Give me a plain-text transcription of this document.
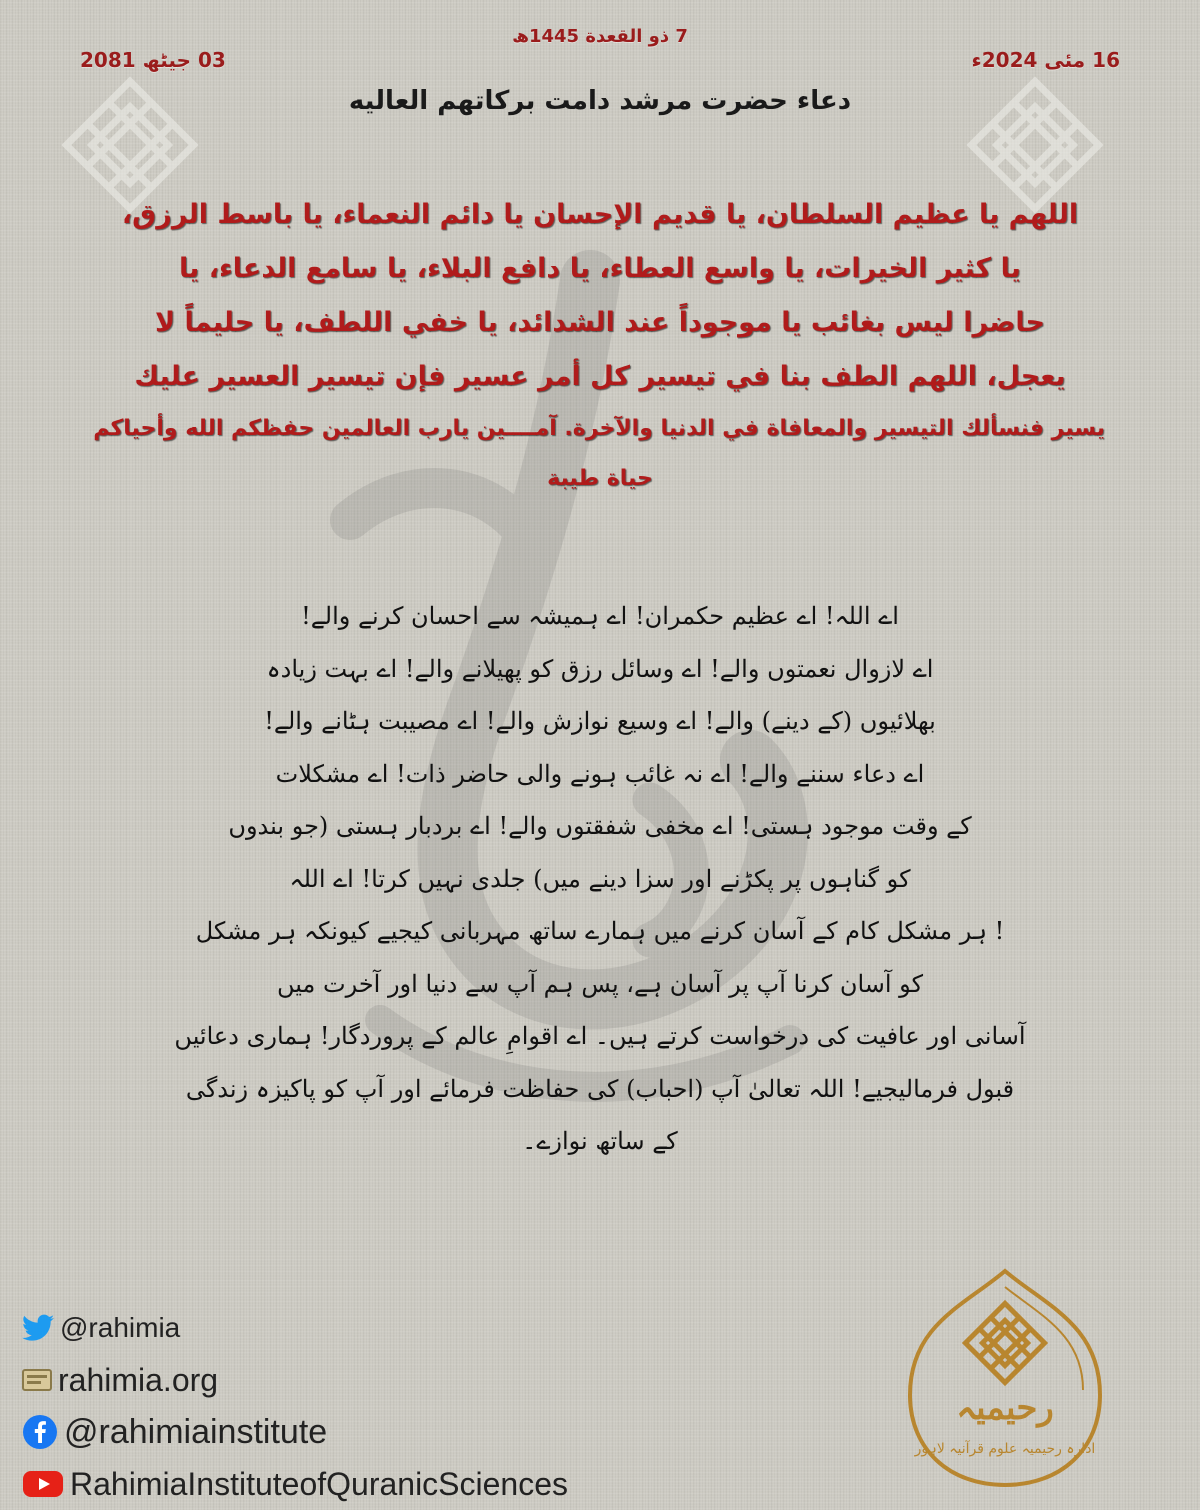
7 ذو القعدة 1445ھ
16 مئی 2024ء
03 جیٹھ 2081
دعاء حضرت مرشد دامت برکاتهم العالیه
اللهم يا عظيم السلطان، يا قديم الإحسان يا دائم النعماء، يا باسط الرزق،
يا كثير الخيرات، يا واسع العطاء، يا دافع البلاء، يا سامع الدعاء، يا
حاضرا ليس بغائب يا موجوداً عند الشدائد، يا خفي اللطف، يا حليماً لا
يعجل، اللهم الطف بنا في تيسير كل أمر عسير فإن تيسير العسير عليك
يسير فنسألك التيسير والمعافاة في الدنيا والآخرة. آمــــين يارب العالمين حفظكم الله وأحياكم
حياة طيبة
اے اللہ! اے عظیم حکمران! اے ہمیشہ سے احسان کرنے والے!
اے لازوال نعمتوں والے! اے وسائل رزق کو پھیلانے والے! اے بہت زیادہ
بھلائیوں (کے دینے) والے! اے وسیع نوازش والے! اے مصیبت ہٹانے والے!
اے دعاء سننے والے! اے نہ غائب ہونے والی حاضر ذات! اے مشکلات
کے وقت موجود ہستی! اے مخفی شفقتوں والے! اے بردبار ہستی (جو بندوں
کو گناہوں پر پکڑنے اور سزا دینے میں) جلدی نہیں کرتا! اے اللہ
! ہر مشکل کام کے آسان کرنے میں ہمارے ساتھ مہربانی کیجیے کیونکہ ہر مشکل
کو آسان کرنا آپ پر آسان ہے، پس ہم آپ سے دنیا اور آخرت میں
آسانی اور عافیت کی درخواست کرتے ہیں۔ اے اقوامِ عالم کے پروردگار! ہماری دعائیں
قبول فرمالیجیے! اللہ تعالیٰ آپ (احباب) کی حفاظت فرمائے اور آپ کو پاکیزہ زندگی
کے ساتھ نوازے۔
@rahimia
rahimia.org
@rahimiainstitute
RahimiaInstituteofQuranicSciences
رحیمیہ
ادارہ رحیمیہ علوم قرآنیہ لاہور
